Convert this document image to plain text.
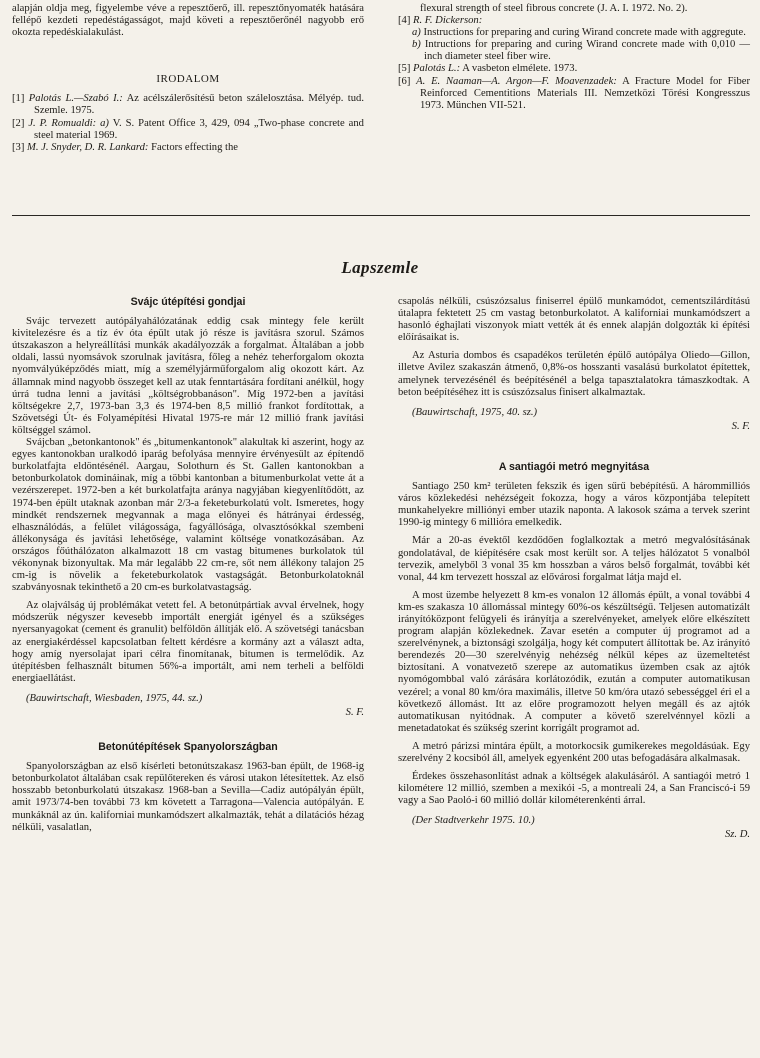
alapján oldja meg, figyelembe véve a repesztőerő, ill. repesztőnyomaték hatására fellépő kezdeti repedéstágasságot, majd követi a repesztőerőnél nagyobb erő okozta repedéskialakulást.

IRODALOM

[1] Palotás L.—Szabó I.: Az acélszálerősítésű beton szálelosztása. Mélyép. tud. Szemle. 1975.

[2] J. P. Romualdi: a) V. S. Patent Office 3, 429, 094 „Two-phase concrete and steel material 1969.

[3] M. J. Snyder, D. R. Lankard: Factors effecting the

flexural strength of steel fibrous concrete (J. A. I. 1972. No. 2).

[4] R. F. Dickerson:

a) Instructions for preparing and curing Wirand concrete made with aggregute.

b) Intructions for preparing and curing Wirand concrete made with 0,010 — inch diameter steel fiber wire.

[5] Palotás L.: A vasbeton elmélete. 1973.

[6] A. E. Naaman—A. Argon—F. Moavenzadek: A Fracture Model for Fiber Reinforced Cementitions Materials III. Nemzetközi Törési Kongresszus 1973. München VII-521.

Lapszemle

Svájc útépítési gondjai

Svájc tervezett autópályahálózatának eddig csak mintegy fele került kivitelezésre és a tíz év óta épült utak jó része is javításra szorul. Számos útszakaszon a helyreállítási munkák akadályozzák a forgalmat. Általában a jobb oldali, lassú nyomsávok szorulnak javításra, főleg a nehéz teherforgalom okozta nyomvályúképződés miatt, míg a személyjárműforgalom alig okozott kárt. Az államnak mind nagyobb összeget kell az utak fenntartására fordítani anélkül, hogy úrrá tudna lenni a javítási „költségrobbanáson". Míg 1972-ben a javítási költségekre 2,7, 1973-ban 3,3 és 1974-ben 8,5 millió frankot fordítottak, a Szövetségi Út- és Folyamépítési Hivatal 1975-re már 12 millió frank javítási költséggel számol.

Svájcban „betonkantonok" és „bitumenkantonok" alakultak ki aszerint, hogy az egyes kantonokban uralkodó iparág befolyása mennyire érvényesült az építendő burkolatfajta eldöntésénél. Aargau, Solothurn és St. Gallen kantonokban a betonburkolatok domináinak, míg a többi kantonban a bitumenburkolat vette át a vezérszerepet. 1972-ben a két burkolatfajta aránya nagyjában kiegyenlítődött, az 1974-ben épült utaknak azonban már 2/3-a feketeburkolatú volt. Ismeretes, hogy mindkét rendszernek megvannak a maga előnyei és hátrányai érdesség, elhasználódás, a felület világossága, fagyállósága, olvasztósókkal szembeni állékonysága és javítási lehetősége, valamint költsége vonatkozásában. Az országos főúthálózaton alkalmazott 18 cm vastag bitumenes burkolatok túl vékonynak bizonyultak. Ma már legalább 22 cm-re, sőt nem állékony talajon 25 cm-ig is növelik a feketeburkolatok vastagságát. Betonburkolatoknál szabványosnak tekinthető a 20 cm-es burkolatvastagság.

Az olajválság új problémákat vetett fel. A betonútpártiak avval érvelnek, hogy módszerük négyszer kevesebb importált energiát igényel és a szükséges nyersanyagokat (cement és granulit) belföldön állítják elő. A szövetségi tanácsban az energiakérdéssel kapcsolatban feltett kérdésre a kormány azt a választ adta, hogy amíg nyersolajat ipari célra finomítanak, bitumen is termelődik. Az útépítésben felhasznált bitumen 56%-a importált, ami nem terheli a belföldi energiaellátást.

(Bauwirtschaft, Wiesbaden, 1975, 44. sz.)

S. F.

Betonútépítések Spanyolországban

Spanyolországban az első kísérleti betonútszakasz 1963-ban épült, de 1968-ig betonburkolatot általában csak repülőtereken és városi utakon létesítettek. Az első hosszabb betonburkolatú útszakasz 1968-ban a Sevilla—Cadiz autópályán épült, amit 1973/74-ben további 73 km követett a Tarragona—Valencia autópályán. E munkáknál az ún. kaliforniai munkamódszert alkalmazták, tehát a dilatációs hézag nélküli, vasalatlan,

csapolás nélküli, csúszózsalus finiserrel épülő munkamódot, cementszilárdítású útalapra fektetett 25 cm vastag betonburkolatot. A kaliforniai munkamódszert a hasonló éghajlati viszonyok miatt vették át és ennek alapján dolgozták ki építési előírásaikat is.

Az Asturia dombos és csapadékos területén épülő autópálya Oliedo—Gillon, illetve Avilez szakaszán átmenő, 0,8%-os hosszanti vasalású burkolatot építettek, amelynek tervezésénél és beépítésénél a belga tapasztalatokra támaszkodtak. A beton beépítéséhez itt is csúszózsalus finisert alkalmaztak.

(Bauwirtschaft, 1975, 40. sz.)

S. F.

A santiagói metró megnyitása

Santiago 250 km² területen fekszik és igen sűrű bebépítésű. A hárommilliós város közlekedési nehézségeit fokozza, hogy a város központjába telepített munkahelyekre milliónyi ember utazik naponta. A lakosok száma a tervek szerint 1990-ig mintegy 6 millióra emelkedik.

Már a 20-as évektől kezdődően foglalkoztak a metró megvalósításának gondolatával, de kiépítésére csak most került sor. A teljes hálózatot 5 vonalból tervezik, amelyből 3 vonal 35 km hosszban a város belső forgalmát, további két vonal, 44 km tervezett hosszal az elővárosi forgalmat látja majd el.

A most üzembe helyezett 8 km-es vonalon 12 állomás épült, a vonal további 4 km-es szakasza 10 állomással mintegy 60%-os készültségű. Teljesen automatizált irányítóközpont felügyeli és irányítja a szerelvényeket, amelyek előre elkészített program alapján közlekednek. Zavar esetén a computer új programot ad a szerelvénynek, a biztonsági szolgálja, hogy két computert állítottak be. Az irányító berendezés 20—30 szerelvényig nehézség nélkül képes az üzemeltetést biztosítani. A vonatvezető szerepe az automatikus üzemben csak az ajtók nyomógombbal való zárására korlátozódik, ezután a computer automatikusan vezérel; a vonal 80 km/óra maximális, illetve 50 km/óra utazó sebességgel éri el a következő állomást. Itt az előre programozott helyen megáll és az ajtók automatikusan nyitódnak. A computer a követő szerelvénnyel közli a menetadatokat és szükség szerint korrigált programot ad.

A metró párizsi mintára épült, a motorkocsik gumikerekes megoldásúak. Egy szerelvény 2 kocsiból áll, amelyek egyenként 200 utas befogadására alkalmasak.

Érdekes összehasonlítást adnak a költségek alakulásáról. A santiagói metró 1 kilométere 12 millió, szemben a mexikói -5, a montreali 24, a San Franciscó-i 59 vagy a Sao Paoló-i 60 millió dollár kilométerenkénti árral.

(Der Stadtverkehr 1975. 10.)

Sz. D.
